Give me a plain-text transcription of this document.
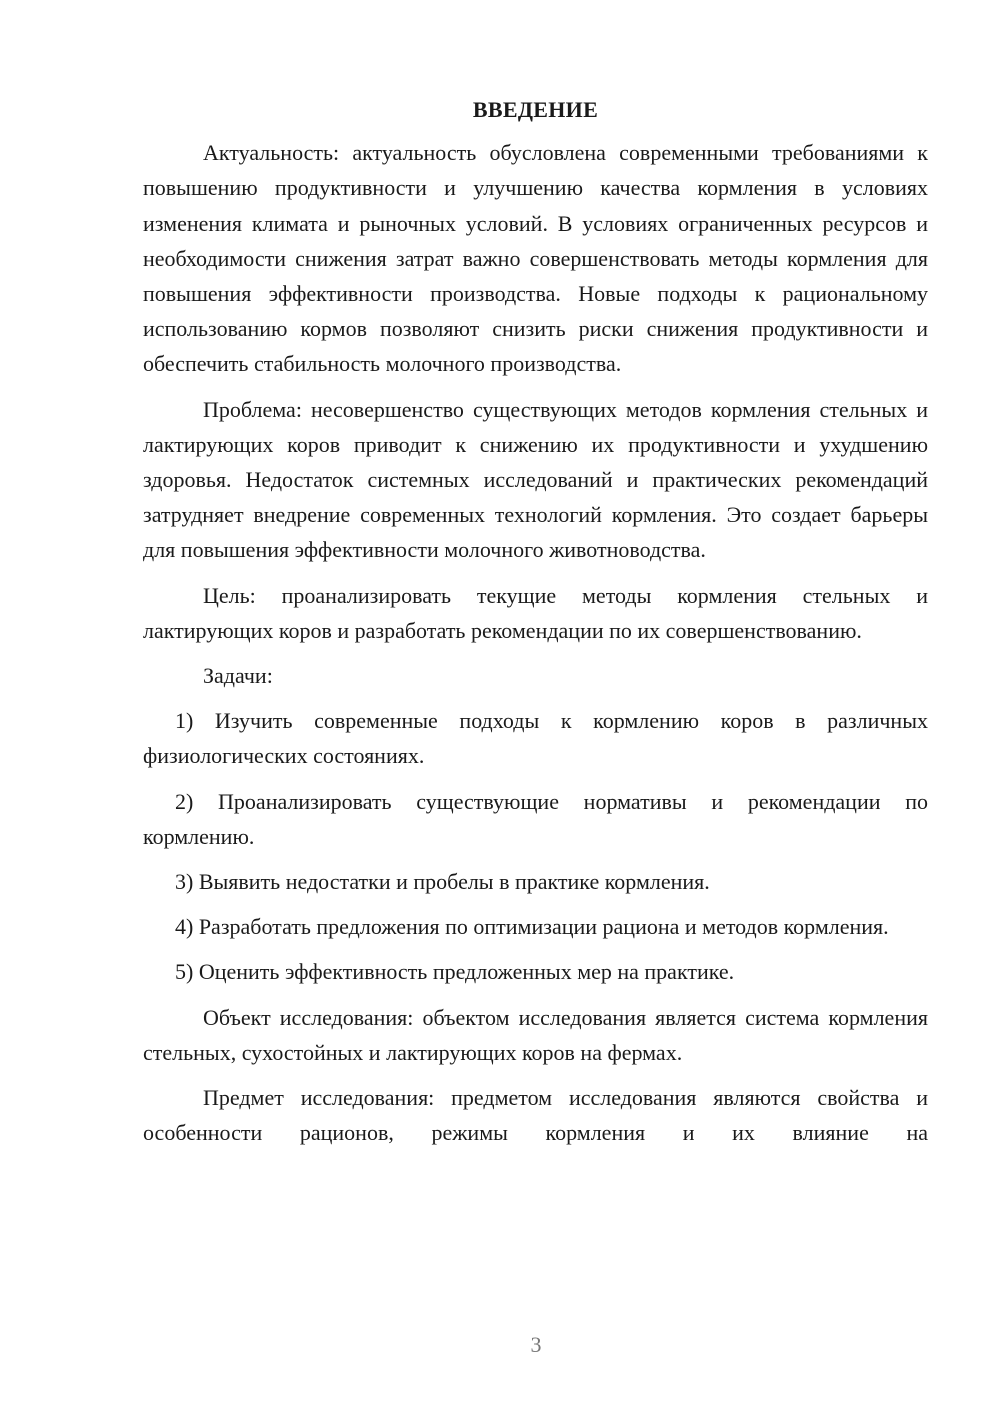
ВВЕДЕНИЕ

Актуальность: актуальность обусловлена современными требованиями к повышению продуктивности и улучшению качества кормления в условиях изменения климата и рыночных условий. В условиях ограниченных ресурсов и необходимости снижения затрат важно совершенствовать методы кормления для повышения эффективности производства. Новые подходы к рациональному использованию кормов позволяют снизить риски снижения продуктивности и обеспечить стабильность молочного производства.

Проблема: несовершенство существующих методов кормления стельных и лактирующих коров приводит к снижению их продуктивности и ухудшению здоровья. Недостаток системных исследований и практических рекомендаций затрудняет внедрение современных технологий кормления. Это создает барьеры для повышения эффективности молочного животноводства.

Цель: проанализировать текущие методы кормления стельных и лактирующих коров и разработать рекомендации по их совершенствованию.

Задачи:

1) Изучить современные подходы к кормлению коров в различных физиологических состояниях.

2) Проанализировать существующие нормативы и рекомендации по кормлению.

3) Выявить недостатки и пробелы в практике кормления.

4) Разработать предложения по оптимизации рациона и методов кормления.

5) Оценить эффективность предложенных мер на практике.

Объект исследования: объектом исследования является система кормления стельных, сухостойных и лактирующих коров на фермах.

Предмет исследования: предметом исследования являются свойства и особенности рационов, режимы кормления и их влияние на

3
